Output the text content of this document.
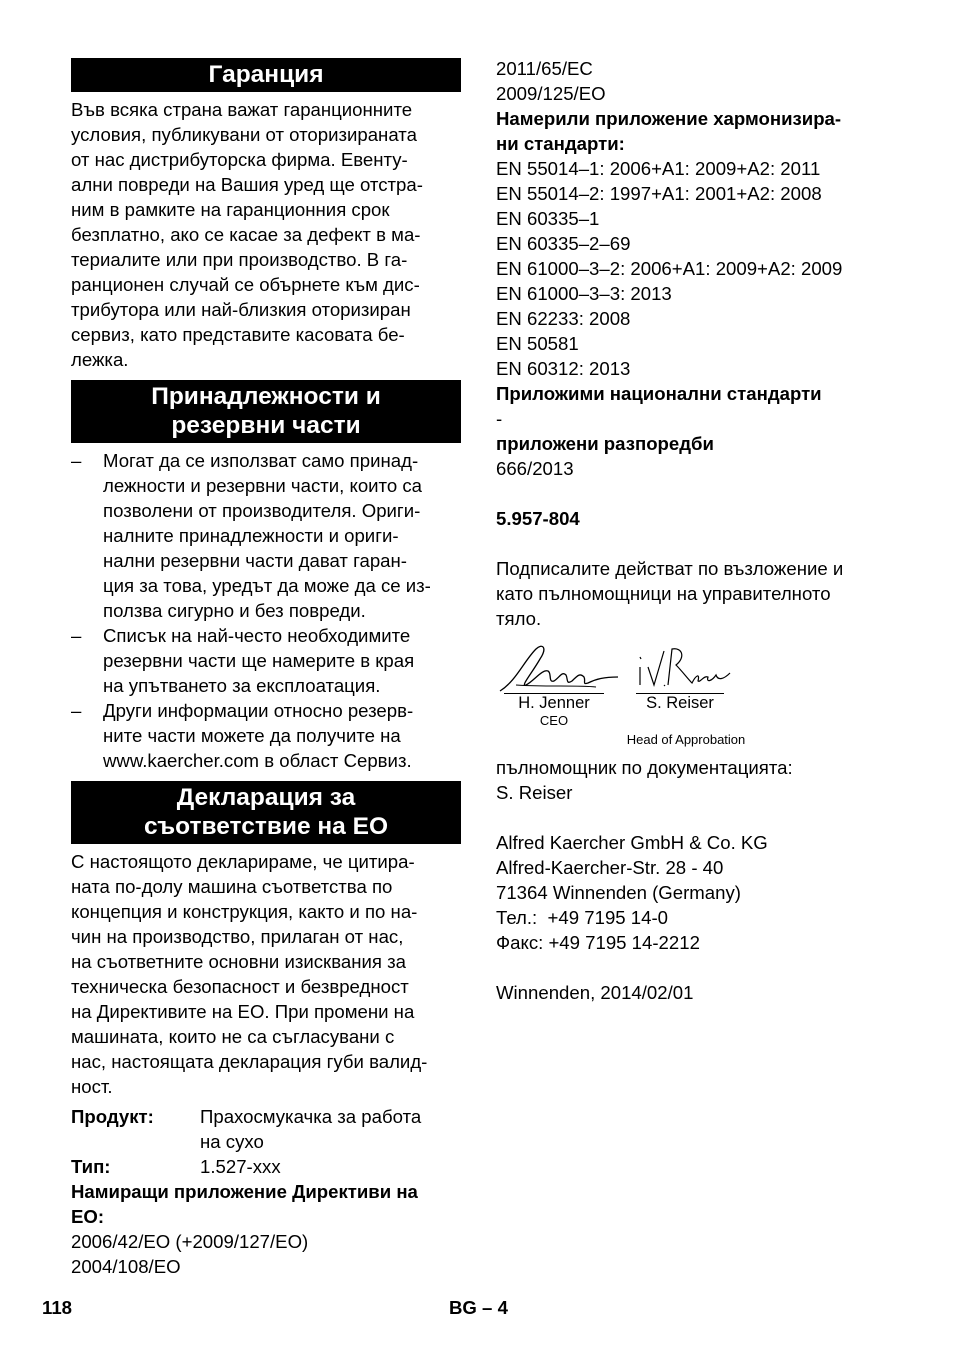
Гаранция
Във всяка страна важат гаранционните
условия, публикувани от оторизираната
от нас дистрибуторска фирма. Евенту-
ални повреди на Вашия уред ще отстра-
ним в рамките на гаранционния срок
безплатно, ако се касае за дефект в ма-
териалите или при производство. В га-
ранционен случай се обърнете към дис-
трибутора или най-близкия оторизиран
сервиз, като представите касовата бе-
лежка.
Принадлежности и
резервни части
– Могат да се използват само принад-
лежности и резервни части, които са
позволени от производителя. Ориги-
налните принадлежности и ориги-
нални резервни части дават гаран-
ция за това, уредът да може да се из-
ползва сигурно и без повреди.
– Списък на най-често необходимите
резервни части ще намерите в края
на упътването за експлоатация.
– Други информации относно резерв-
ните части можете да получите на
www.kaercher.com в област Сервиз.
Декларация за
съответствие на ЕО
С настоящото декларираме, че цитира-
ната по-долу машина съответства по
концепция и конструкция, както и по на-
чин на производство, прилаган от нас,
на съответните основни изисквания за
техническа безопасност и безвредност
на Директивите на ЕО. При промени на
машината, които не са съгласувани с
нас, настоящата декларация губи валид-
ност.
Продукт:	Прахосмукачка за работа
на сухо
Тип:	1.527-xxx
Намиращи приложение Директиви на
ЕО:
2006/42/EO (+2009/127/EO)
2004/108/EO
2011/65/EC
2009/125/EO
Намерили приложение хармонизира-
ни стандарти:
EN 55014–1: 2006+A1: 2009+A2: 2011
EN 55014–2: 1997+A1: 2001+A2: 2008
EN 60335–1
EN 60335–2–69
EN 61000–3–2: 2006+A1: 2009+A2: 2009
EN 61000–3–3: 2013
EN 62233: 2008
EN 50581
EN 60312: 2013
Приложими национални стандарти
-
приложени разпоредби
666/2013
5.957-804
Подписалите действат по възложение и
като пълномощници на управителното
тяло.
H. Jenner
CEO
S. Reiser
Head of Approbation
пълномощник по документацията:
S. Reiser
Alfred Kaercher GmbH & Co. KG
Alfred-Kaercher-Str. 28 - 40
71364 Winnenden (Germany)
Тел.:  +49 7195 14-0
Факс: +49 7195 14-2212
Winnenden, 2014/02/01
118	BG – 4
